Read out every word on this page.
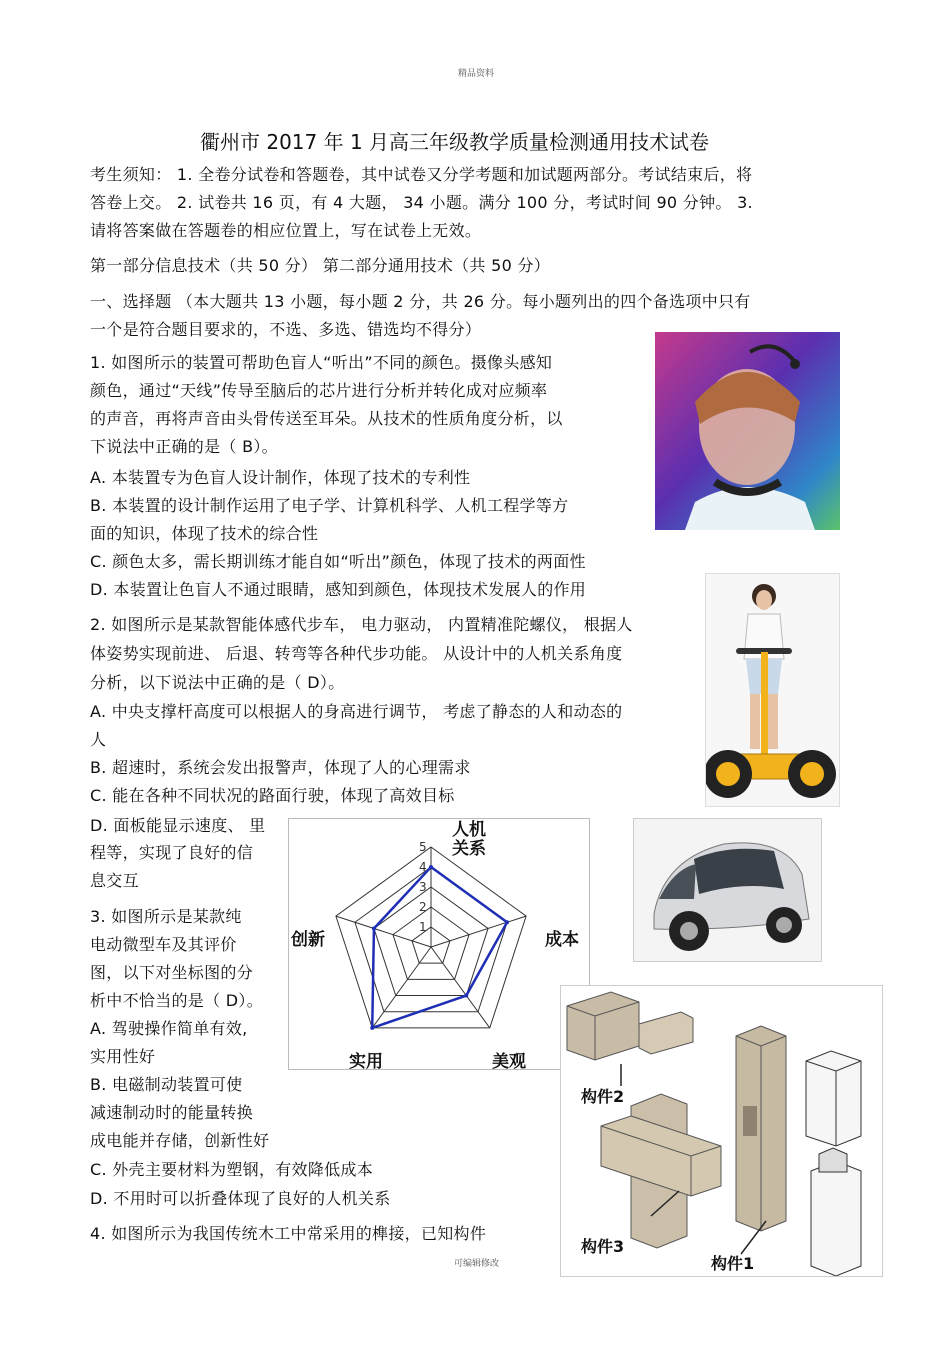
精品资料
可编辑修改
衢州市 2017 年 1 月高三年级教学质量检测通用技术试卷
考生须知： 1. 全卷分试卷和答题卷，其中试卷又分学考题和加试题两部分。考试结束后，将
答卷上交。 2. 试卷共 16 页，有 4 大题， 34 小题。满分 100 分，考试时间 90 分钟。 3.
请将答案做在答题卷的相应位置上，写在试卷上无效。
第一部分信息技术（共 50 分） 第二部分通用技术（共 50 分）
一、选择题 （本大题共 13 小题，每小题 2 分，共 26 分。每小题列出的四个备选项中只有
一个是符合题目要求的，不选、多选、错选均不得分）
1. 如图所示的装置可帮助色盲人“听出”不同的颜色。摄像头感知
颜色，通过“天线”传导至脑后的芯片进行分析并转化成对应频率
的声音，再将声音由头骨传送至耳朵。从技术的性质角度分析，以
下说法中正确的是（ B）。
A. 本装置专为色盲人设计制作，体现了技术的专利性
B. 本装置的设计制作运用了电子学、计算机科学、人机工程学等方
面的知识，体现了技术的综合性
C. 颜色太多，需长期训练才能自如“听出”颜色，体现了技术的两面性
D. 本装置让色盲人不通过眼睛，感知到颜色，体现技术发展人的作用
2. 如图所示是某款智能体感代步车， 电力驱动， 内置精准陀螺仪， 根据人
体姿势实现前进、 后退、转弯等各种代步功能。 从设计中的人机关系角度
分析，以下说法中正确的是（ D）。
A. 中央支撑杆高度可以根据人的身高进行调节， 考虑了静态的人和动态的
人
B. 超速时，系统会发出报警声，体现了人的心理需求
C. 能在各种不同状况的路面行驶，体现了高效目标
D. 面板能显示速度、 里
程等，实现了良好的信
息交互
1
2
3
4
5
人机关系
成本
美观
实用
创新
3. 如图所示是某款纯
电动微型车及其评价
图，以下对坐标图的分
析中不恰当的是（ D）。
A. 驾驶操作简单有效,
实用性好
B. 电磁制动装置可使
减速制动时的能量转换
成电能并存储，创新性好
C. 外壳主要材料为塑钢，有效降低成本
D. 不用时可以折叠体现了良好的人机关系
4. 如图所示为我国传统木工中常采用的榫接，已知构件
构件2
构件3
构件1
